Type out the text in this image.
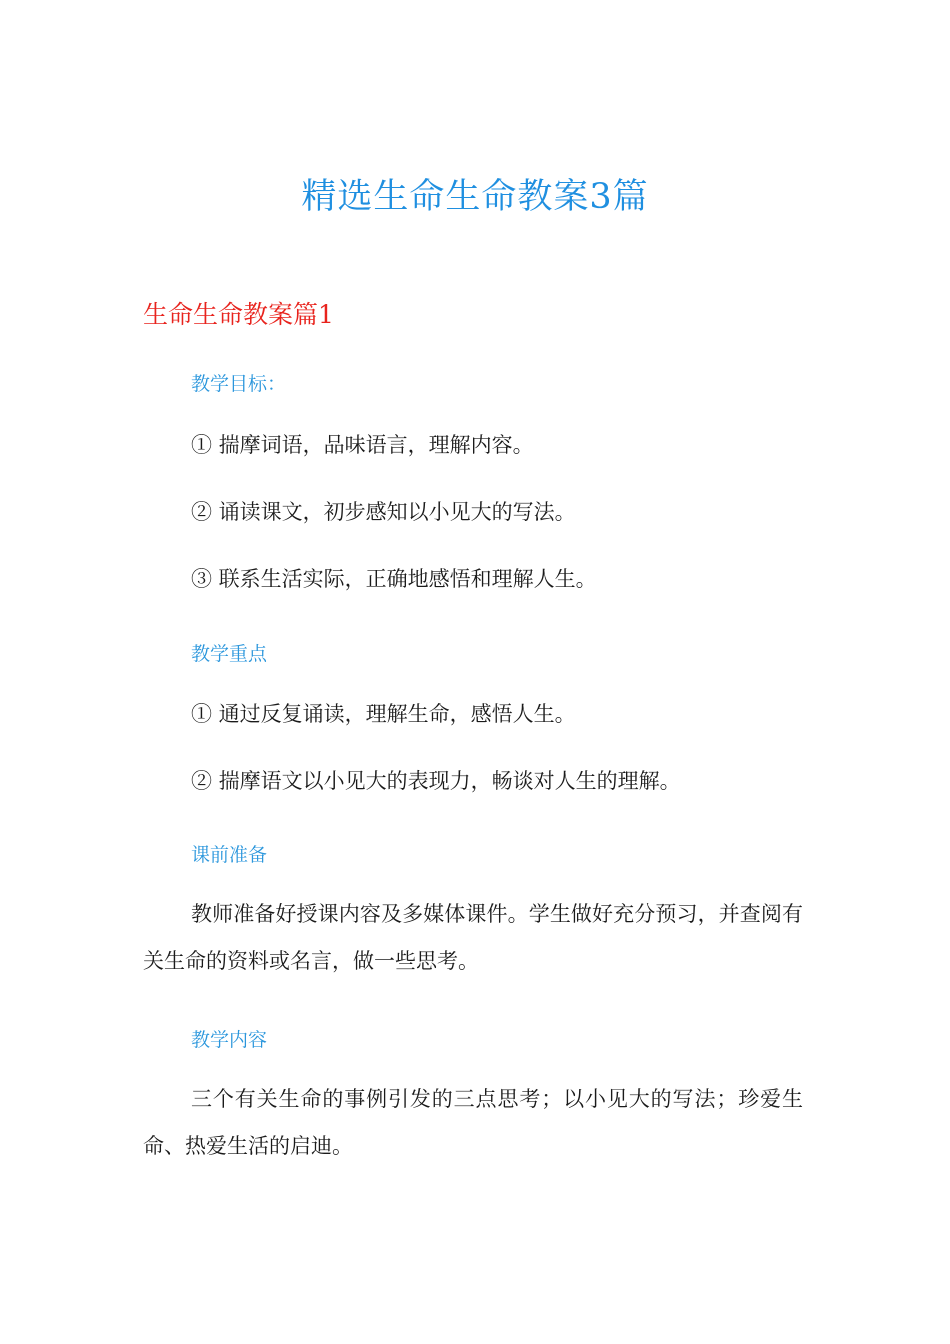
精选生命生命教案3篇
生命生命教案篇1
教学目标：
① 揣摩词语，品味语言，理解内容。
② 诵读课文，初步感知以小见大的写法。
③ 联系生活实际，正确地感悟和理解人生。
教学重点
① 通过反复诵读，理解生命，感悟人生。
② 揣摩语文以小见大的表现力，畅谈对人生的理解。
课前准备
教师准备好授课内容及多媒体课件。学生做好充分预习，并查阅有关生命的资料或名言，做一些思考。
教学内容
三个有关生命的事例引发的三点思考；以小见大的写法；珍爱生命、热爱生活的启迪。
